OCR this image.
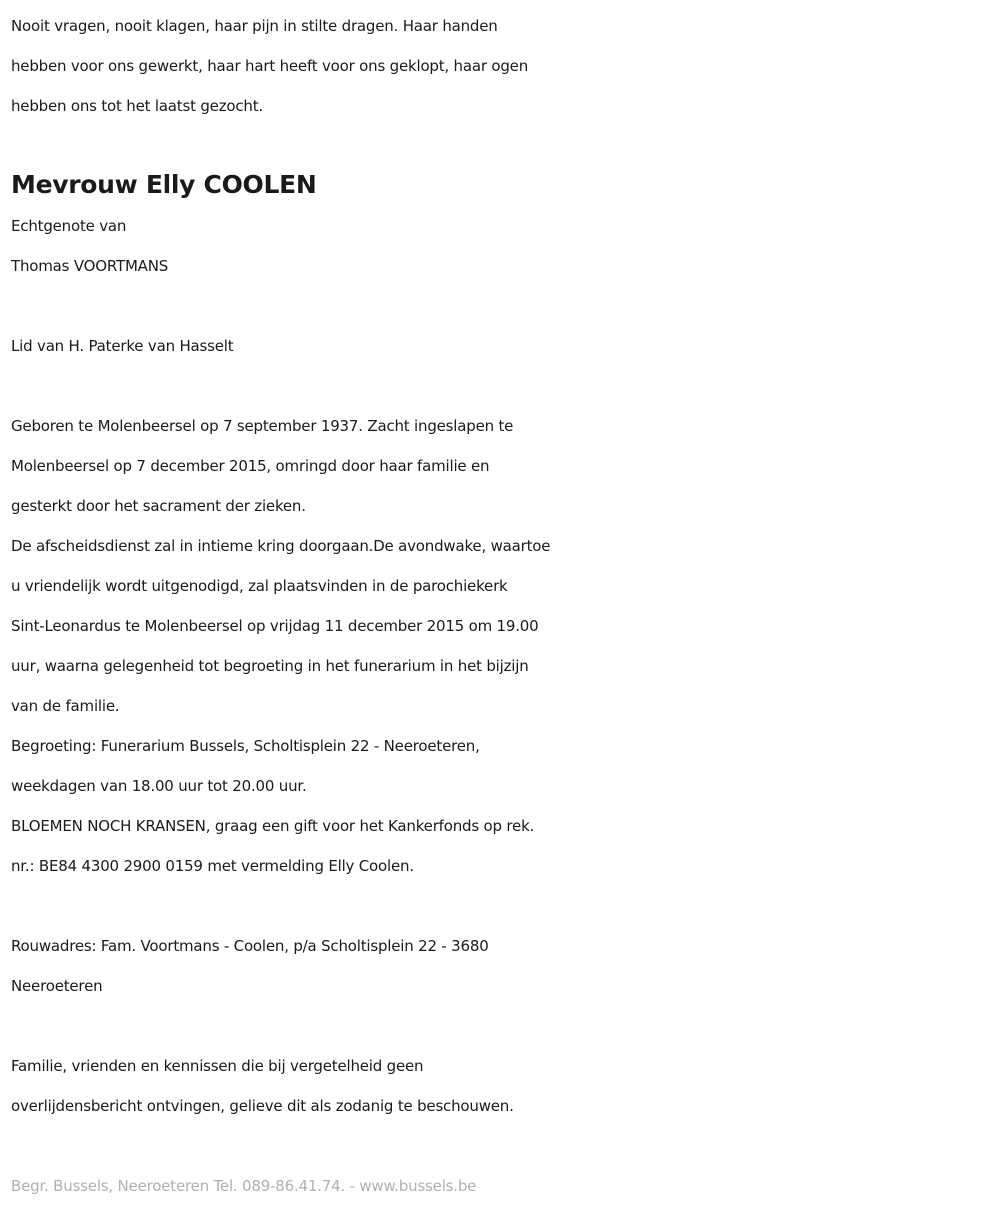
Nooit vragen, nooit klagen, haar pijn in stilte dragen. Haar handen

hebben voor ons gewerkt, haar hart heeft voor ons geklopt, haar ogen

hebben ons tot het laatst gezocht.

Mevrouw Elly COOLEN

Echtgenote van

Thomas VOORTMANS

Lid van H. Paterke van Hasselt

Geboren te Molenbeersel op 7 september 1937. Zacht ingeslapen te

Molenbeersel op 7 december 2015, omringd door haar familie en

gesterkt door het sacrament der zieken.

De afscheidsdienst zal in intieme kring doorgaan.De avondwake, waartoe

u vriendelijk wordt uitgenodigd, zal plaatsvinden in de parochiekerk

Sint-Leonardus te Molenbeersel op vrijdag 11 december 2015 om 19.00

uur, waarna gelegenheid tot begroeting in het funerarium in het bijzijn

van de familie.

Begroeting: Funerarium Bussels, Scholtisplein 22 - Neeroeteren,

weekdagen van 18.00 uur tot 20.00 uur.

BLOEMEN NOCH KRANSEN, graag een gift voor het Kankerfonds op rek.

nr.: BE84 4300 2900 0159 met vermelding Elly Coolen.

Rouwadres: Fam. Voortmans - Coolen, p/a Scholtisplein 22 - 3680

Neeroeteren

Familie, vrienden en kennissen die bij vergetelheid geen

overlijdensbericht ontvingen, gelieve dit als zodanig te beschouwen.

Begr. Bussels, Neeroeteren Tel. 089-86.41.74. - www.bussels.be
